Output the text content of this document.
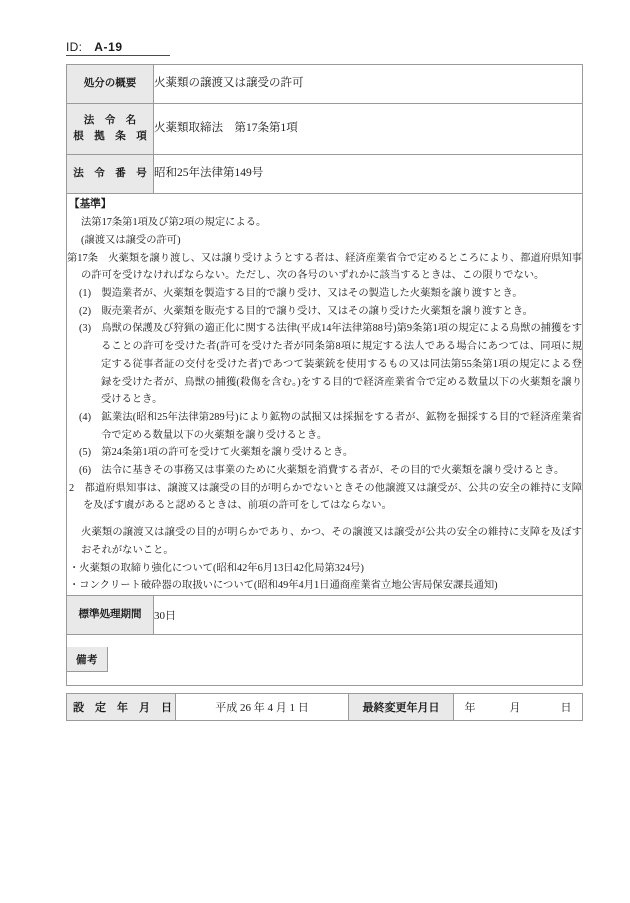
ID: A-19
処分の概要	火薬類の譲渡又は譲受の許可

法　令　名
根　拠　条　項	火薬類取締法　第17条第1項
法　令　番　号	昭和25年法律第149号

【基準】
法第17条第1項及び第2項の規定による。
(譲渡又は譲受の許可)
第17条　 火薬類を譲り渡し、又は譲り受けようとする者は、経済産業省令で定めるところにより、都道府県知事の許可を受けなければならない。ただし、次の各号のいずれかに該当するときは、この限りでない。
(1)　 製造業者が、火薬類を製造する目的で譲り受け、又はその製造した火薬類を譲り渡すとき。
(2)　 販売業者が、火薬類を販売する目的で譲り受け、又はその譲り受けた火薬類を譲り渡すとき。
(3)　 鳥獣の保護及び狩猟の適正化に関する法律(平成14年法律第88号)第9条第1項の規定による鳥獣の捕獲をすることの許可を受けた者(許可を受けた者が同条第8項に規定する法人である場合にあつては、同項に規定する従事者証の交付を受けた者)であつて装薬銃を使用するもの又は同法第55条第1項の規定による登録を受けた者が、鳥獣の捕獲(殺傷を含む。)をする目的で経済産業省令で定める数量以下の火薬類を譲り受けるとき。
(4)　 鉱業法(昭和25年法律第289号)により鉱物の試掘又は採掘をする者が、鉱物を掘採する目的で経済産業省令で定める数量以下の火薬類を譲り受けるとき。
(5)　 第24条第1項の許可を受けて火薬類を譲り受けるとき。
(6)　 法令に基きその事務又は事業のために火薬類を消費する者が、その目的で火薬類を譲り受けるとき。
2　 都道府県知事は、譲渡又は譲受の目的が明らかでないときその他譲渡又は譲受が、公共の安全の維持に支障を及ぼす虞があると認めるときは、前項の許可をしてはならない。
火薬類の譲渡又は譲受の目的が明らかであり、かつ、その譲渡又は譲受が公共の安全の維持に支障を及ぼすおそれがないこと。
・火薬類の取締り強化について(昭和42年6月13日42化局第324号)
・コンクリート破砕器の取扱いについて(昭和49年4月1日通商産業省立地公害局保安課長通知)

標準処理期間	30日
備考	
設　定　年　月　日	平成 26 年 4 月 1 日	最終変更年月日	年	月	日
